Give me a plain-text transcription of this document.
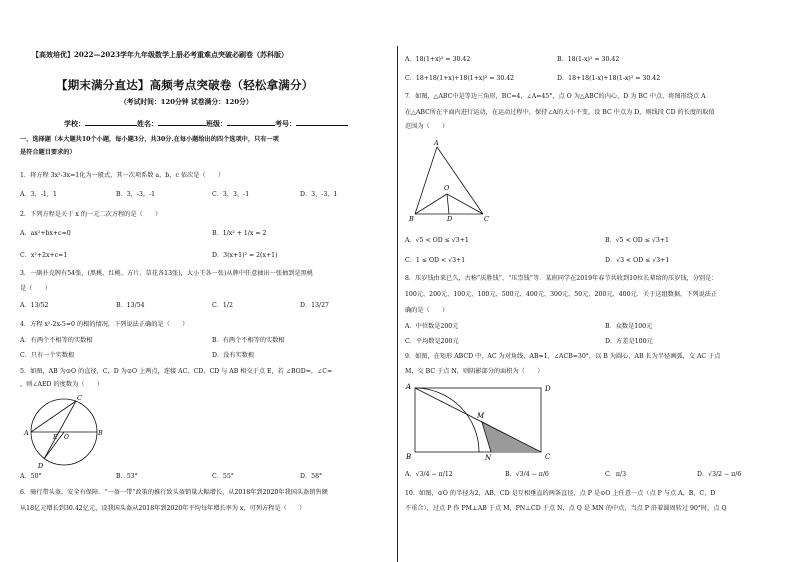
【高效培优】2022—2023学年九年级数学上册必考重难点突破必刷卷（苏科版）
【期末满分直达】高频考点突破卷（轻松拿满分）
（考试时间：120分钟 试卷满分：120分）
学校：	姓名：	班级：	考号：
一、选择题（本大题共10个小题，每小题3分，共30分.在每小题给出的四个选项中，只有一项
是符合题目要求的）
1．将方程 3x²-3x=1化为一般式，其一次项系数 a、b、c 依次是（　　）
A．3，-1，1	B．3，-3，-1	C．3，3，-1	D．3，-3，1
2．下列方程是关于 x 的一元二次方程的是（　　）
A．ax²+bx+c=0	B．1/x² + 1/x = 2
C．x²+2x+c=1	D．3(x+1)² = 2(x+1)
3．一副扑克牌有54张，(黑桃、红桃、方片、草花各13张)，大小王各一张)从牌中任意抽出一张抽到是黑桃
是（　　）
A．13/52	B．13/54	C．1/2	D．13/27
4．方程 x²-2x-5=0 的根的情况，下列说法正确的是（　　）
A．有两个不相等的实数根	B．有两个不相等的实数根
C．只有一个实数根	D．没有实数根
5．如图，AB 为⊙O 的直径，C，D 为⊙O 上两点，连接 AC、CD，CD 与 AB 相交于点 E，若 ∠BOD=，∠C=
，则∠AED 的度数为（　　）
C
A
E O
B
D
A．50°	B．53°	C．55°	D．58°
6．骑行带头盔，安全有保障．“一盔一带”政策的推行致头盔销量大幅增长，从2018年到2020年我国头盔销售额
从18亿元增长到30.42亿元，设我国头盔从2018年到2020年平均每年增长率为 x，可列方程是（　　）
A．18(1+x)² = 30.42	B．18(1-x)² = 30.42
C．18+18(1+x)+18(1+x)² = 30.42	D．18+18(1-x)+18(1-x)² = 30.42
7．如图，△ABC中是等边三角形，BC=4，∠A=45°，点 O 为△ABC的内心，D 为 BC 中点，将图形绕点 A
在△ABC所在平面内进行运动，在运动过程中，保持∠A的大小不变，设 BC 中点为 D，则线段 CD 的长度的取值
范围为（　　）
A
O
B	D	C
A．√5 < OD ≤ √3+1	B．√5 < OD ≤ √3+1
C．1 ≤ OD < √3+1	D．√3 < OD ≤ √3+1
8．压岁钱由来已久，古称“厌胜钱”、“压祟钱”等．某班同学在2019年春节共收到10位长辈给的压岁钱，分别是：
100元、200元、100元、100元、500元、400元、300元、50元、200元、400元．关于这组数据，下列说法正
确的是（　　）
A．中位数是200元	B．众数是100元
C．平均数是200元	D．方差是100元
9．如图，在矩形 ABCD 中，AC 为对角线，AB=1，∠ACB=30°，以 B 为圆心，AB 长为半径画弧，交 AC 于点
M，交 BC 于点 N，则阴影部分的面积为（　　）
A	D
M
B	N	C
A．√3/4 − π/12	B．√3/4 − π/6	C．π/3	D．√3/2 − π/6
10．如图，⊙O 的半径为2，AB，CD 是互相垂直的两条直径，点 P 是⊙O 上任意一点（点 P 与点 A，B，C，D
不重合），过点 P 作 PM⊥AB 于点 M，PN⊥CD 于点 N，点 Q 是 MN 的中点，当点 P 沿着圆周转过 90°时，点 Q
